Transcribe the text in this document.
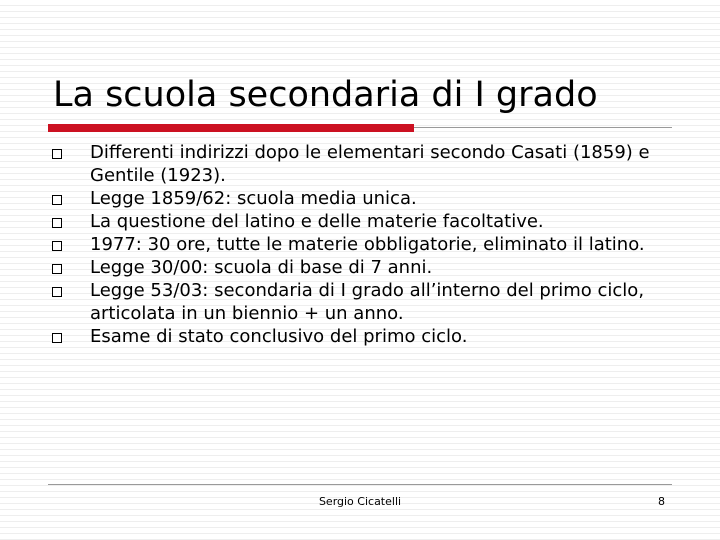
La scuola secondaria di I grado
Differenti indirizzi dopo le elementari secondo Casati (1859) e Gentile (1923).
Legge 1859/62: scuola media unica.
La questione del latino e delle materie facoltative.
1977: 30 ore, tutte le materie obbligatorie, eliminato il latino.
Legge 30/00: scuola di base di 7 anni.
Legge 53/03: secondaria di I grado all’interno del primo ciclo, articolata in un biennio + un anno.
Esame di stato conclusivo del primo ciclo.
Sergio Cicatelli	8
